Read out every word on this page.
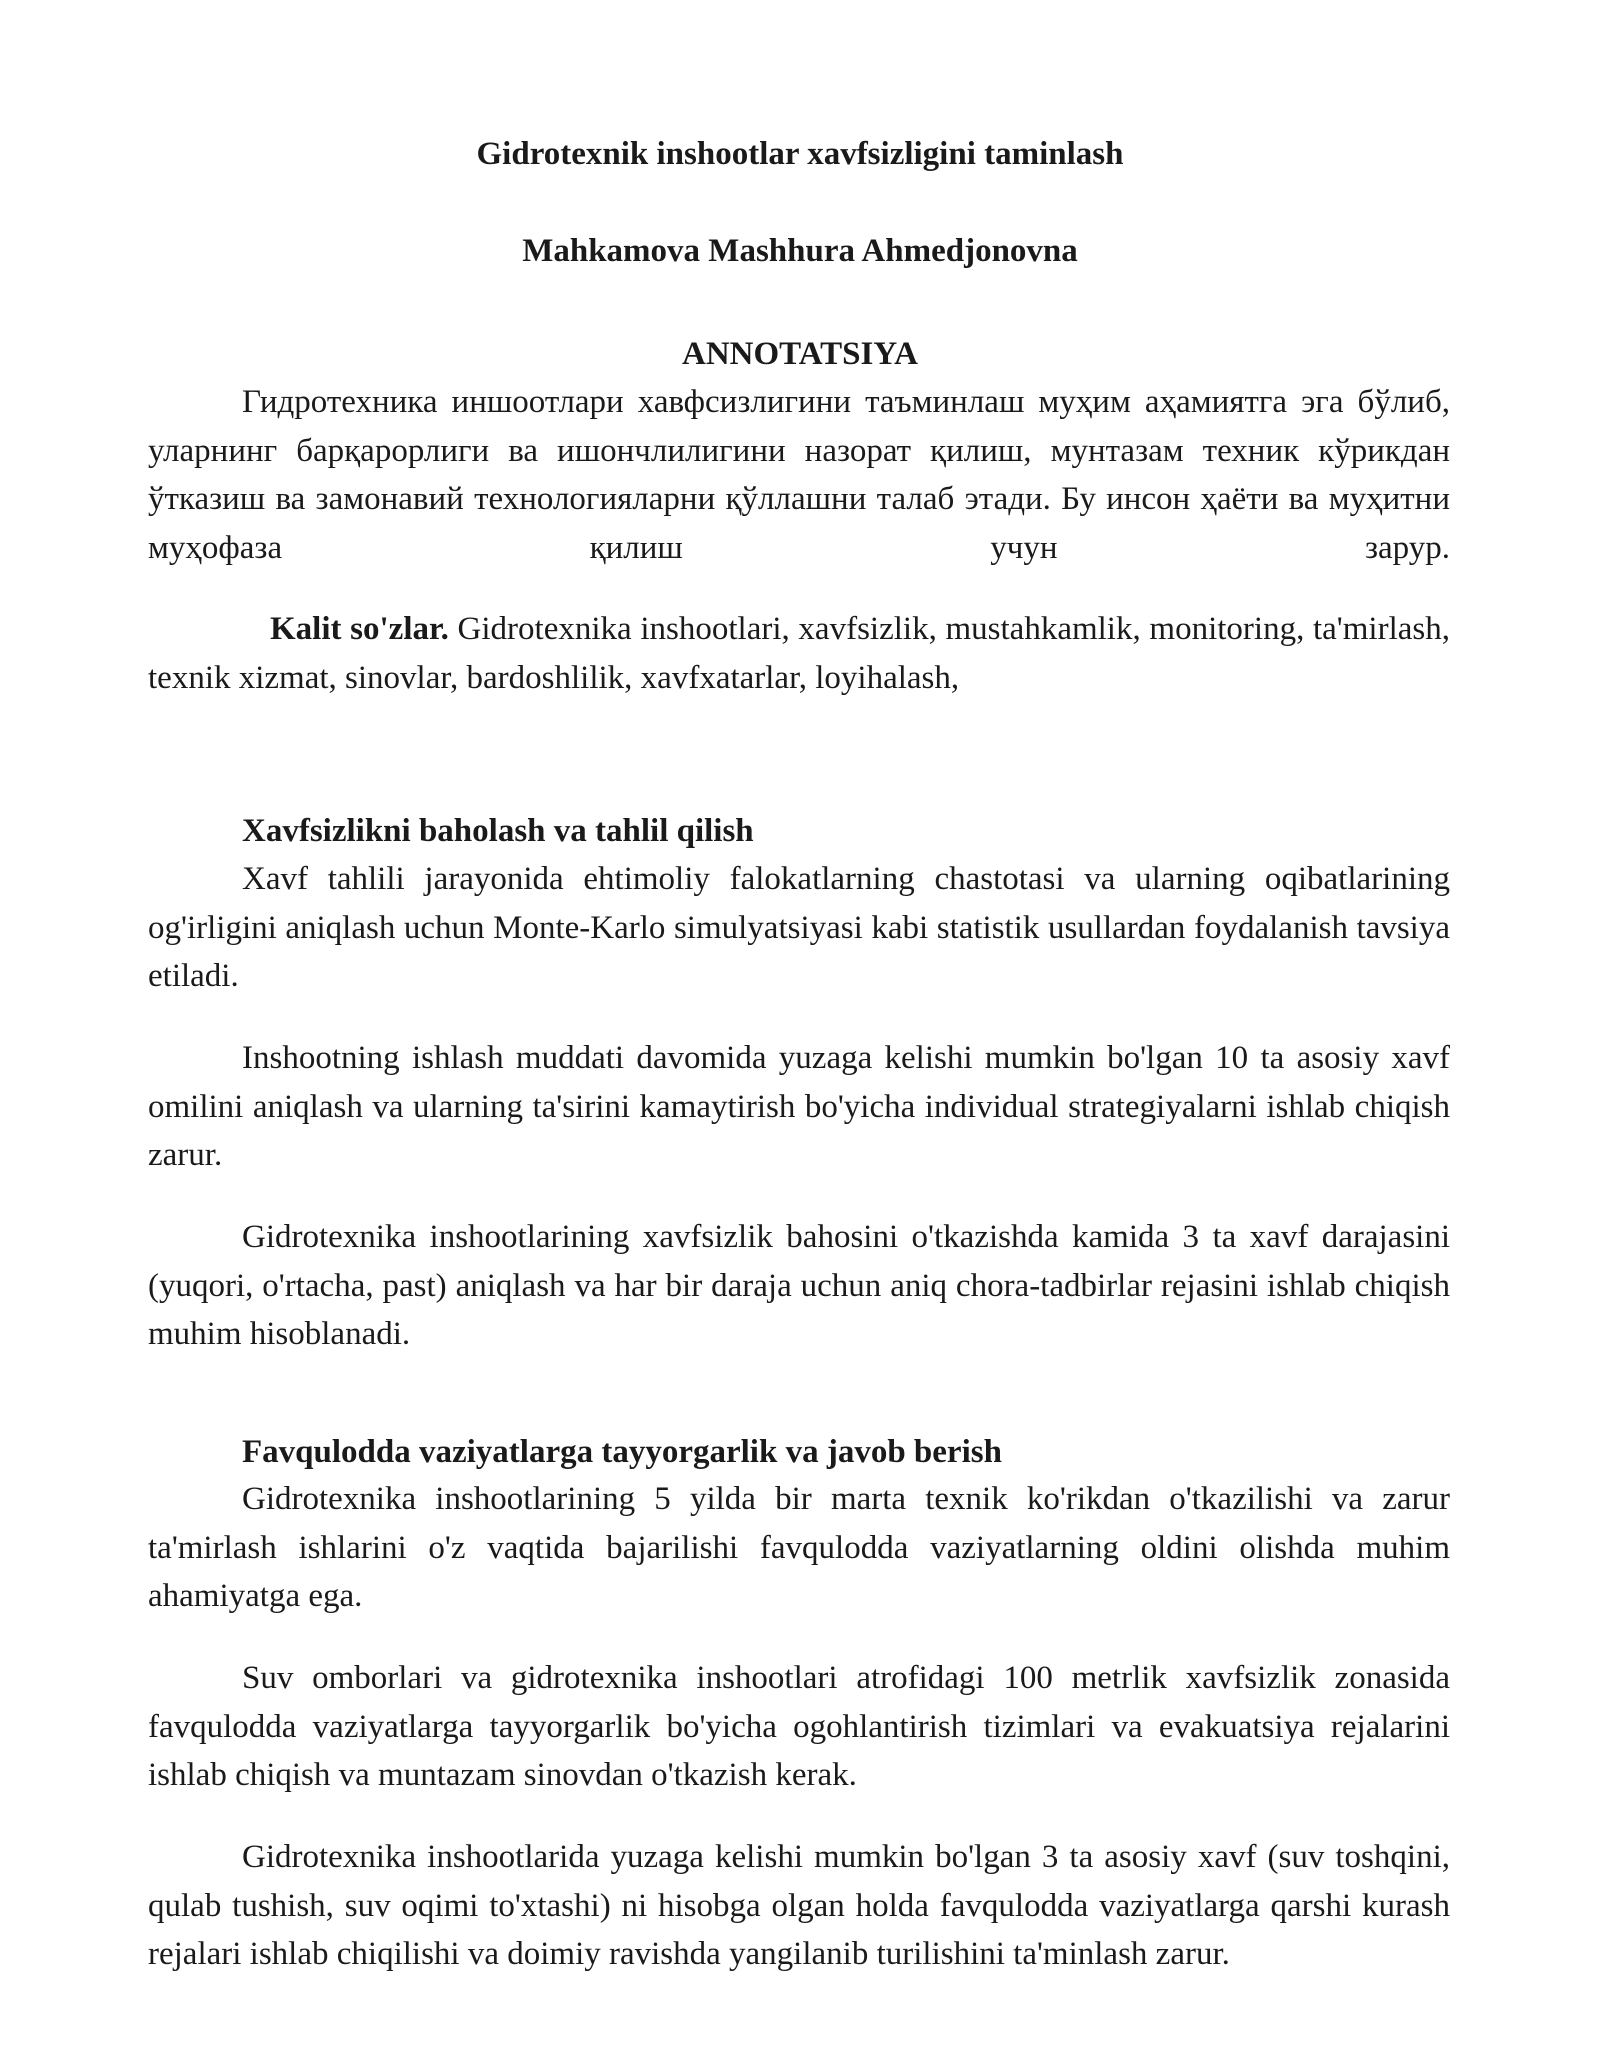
Gidrotexnik inshootlar xavfsizligini taminlash
Mahkamova Mashhura Ahmedjonovna
ANNOTATSIYA

Гидротехника иншоотлари хавфсизлигини таъминлаш муҳим аҳамиятга эга бўлиб, уларнинг барқарорлиги ва ишончлилигини назорат қилиш, мунтазам техник кўрикдан ўтказиш ва замонавий технологияларни қўллашни талаб этади. Бу инсон ҳаёти ва муҳитни муҳофаза қилиш учун зарур.

Kalit so'zlar. Gidrotexnika inshootlari, xavfsizlik, mustahkamlik, monitoring, ta'mirlash, texnik xizmat, sinovlar, bardoshlilik, xavfxatarlar, loyihalash,

Xavfsizlikni baholash va tahlil qilish

Xavf tahlili jarayonida ehtimoliy falokatlarning chastotasi va ularning oqibatlarining og'irligini aniqlash uchun Monte-Karlo simulyatsiyasi kabi statistik usullardan foydalanish tavsiya etiladi.

Inshootning ishlash muddati davomida yuzaga kelishi mumkin bo'lgan 10 ta asosiy xavf omilini aniqlash va ularning ta'sirini kamaytirish bo'yicha individual strategiyalarni ishlab chiqish zarur.

Gidrotexnika inshootlarining xavfsizlik bahosini o'tkazishda kamida 3 ta xavf darajasini (yuqori, o'rtacha, past) aniqlash va har bir daraja uchun aniq chora-tadbirlar rejasini ishlab chiqish muhim hisoblanadi.

Favqulodda vaziyatlarga tayyorgarlik va javob berish

Gidrotexnika inshootlarining 5 yilda bir marta texnik ko'rikdan o'tkazilishi va zarur ta'mirlash ishlarini o'z vaqtida bajarilishi favqulodda vaziyatlarning oldini olishda muhim ahamiyatga ega.

Suv omborlari va gidrotexnika inshootlari atrofidagi 100 metrlik xavfsizlik zonasida favqulodda vaziyatlarga tayyorgarlik bo'yicha ogohlantirish tizimlari va evakuatsiya rejalarini ishlab chiqish va muntazam sinovdan o'tkazish kerak.

Gidrotexnika inshootlarida yuzaga kelishi mumkin bo'lgan 3 ta asosiy xavf (suv toshqini, qulab tushish, suv oqimi to'xtashi) ni hisobga olgan holda favqulodda vaziyatlarga qarshi kurash rejalari ishlab chiqilishi va doimiy ravishda yangilanib turilishini ta'minlash zarur.
